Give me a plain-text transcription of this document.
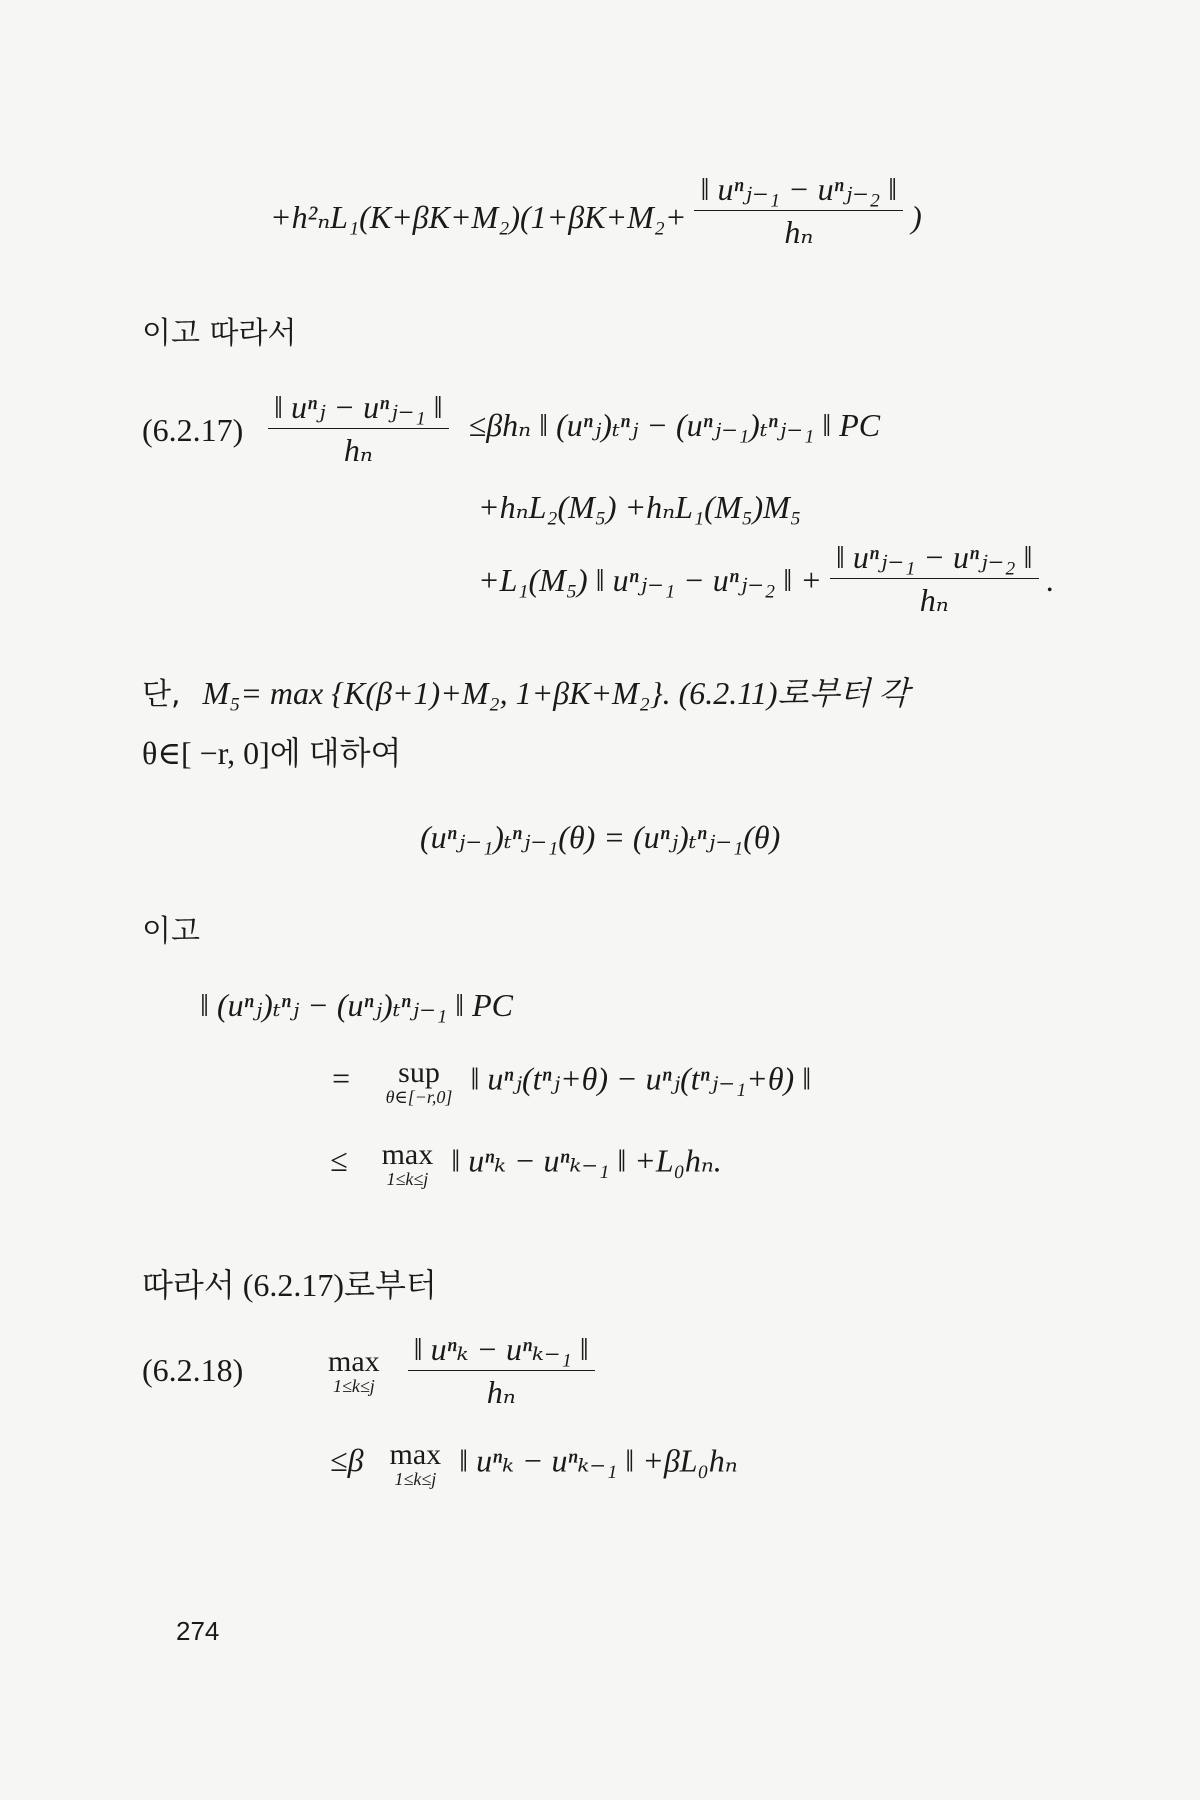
$+h^2_nL_1(K+\beta K+M_2)(1+\beta K+M_2+ \frac{\text{‖ uⁿⱼ₋₁ − uⁿⱼ₋₂ ‖}}{\text{hₙ}}$ )
이고 따라서
$(6.2.17) \frac{\text{‖ uⁿⱼ − uⁿⱼ₋₁ ‖}}{\text{hₙ}} \le\beta h_n$ ‖ (uⁿⱼ)ₜⁿⱼ − (uⁿⱼ₋₁)ₜⁿⱼ₋₁ ‖ PC
+hₙL₂(M₅) +hₙL₁(M₅)M₅
+L₁(M₅) ‖ uⁿⱼ₋₁ − uⁿⱼ₋₂ ‖ + $\frac{\text{‖ uⁿⱼ₋₁ − uⁿⱼ₋₂ ‖}}{\text{hₙ}}$ .
단, M₅= max {K(β+1)+M₂, 1+βK+M₂}. (6.2.11)로부터 각
θ∈[ −r, 0]에 대하여
(uⁿⱼ₋₁)ₜⁿⱼ₋₁(θ) = (uⁿⱼ)ₜⁿⱼ₋₁(θ)
이고
‖ (uⁿⱼ)ₜⁿⱼ − (uⁿⱼ)ₜⁿⱼ₋₁ ‖ PC
=	sup
θ∈[−r,0]
‖ uⁿⱼ(tⁿⱼ+θ) − uⁿⱼ(tⁿⱼ₋₁+θ) ‖
≤ max
1≤k≤j
‖ uⁿₖ − uⁿₖ₋₁ ‖ +L₀hₙ.
따라서 (6.2.17)로부터
(6.2.18)	max
1≤k≤j
$\frac{\text{‖ uⁿₖ − uⁿₖ₋₁ ‖}}{\text{hₙ}}$
≤β max
1≤k≤j
‖ uⁿₖ − uⁿₖ₋₁ ‖ +βL₀hₙ
274
